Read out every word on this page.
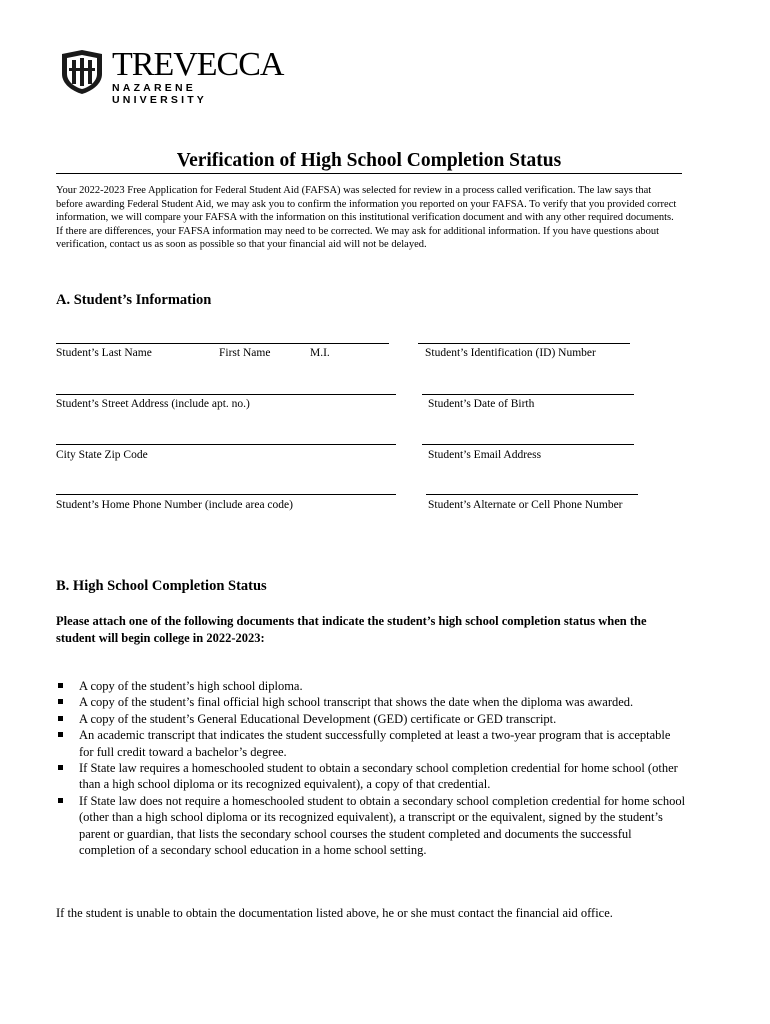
TREVECCA
NAZARENE UNIVERSITY
Verification of High School Completion Status
Your 2022-2023 Free Application for Federal Student Aid (FAFSA) was selected for review in a process called verification. The law says that before awarding Federal Student Aid, we may ask you to confirm the information you reported on your FAFSA. To verify that you provided correct information, we will compare your FAFSA with the information on this institutional verification document and with any other required documents. If there are differences, your FAFSA information may need to be corrected. We may ask for additional information. If you have questions about verification, contact us as soon as possible so that your financial aid will not be delayed.
A. Student’s Information
Student’s Last Name	First Name	M.I.	Student’s Identification (ID) Number
Student’s Street Address (include apt. no.)	Student’s Date of Birth
City State Zip Code	Student’s Email Address
Student’s Home Phone Number (include area code)	Student’s Alternate or Cell Phone Number
B. High School Completion Status
Please attach one of the following documents that indicate the student’s high school completion status when the student will begin college in 2022-2023:
A copy of the student’s high school diploma.
A copy of the student’s final official high school transcript that shows the date when the diploma was awarded.
A copy of the student’s General Educational Development (GED) certificate or GED transcript.
An academic transcript that indicates the student successfully completed at least a two-year program that is acceptable for full credit toward a bachelor’s degree.
If State law requires a homeschooled student to obtain a secondary school completion credential for home school (other than a high school diploma or its recognized equivalent), a copy of that credential.
If State law does not require a homeschooled student to obtain a secondary school completion credential for home school (other than a high school diploma or its recognized equivalent), a transcript or the equivalent, signed by the student’s parent or guardian, that lists the secondary school courses the student completed and documents the successful completion of a secondary school education in a home school setting.
If the student is unable to obtain the documentation listed above, he or she must contact the financial aid office.
